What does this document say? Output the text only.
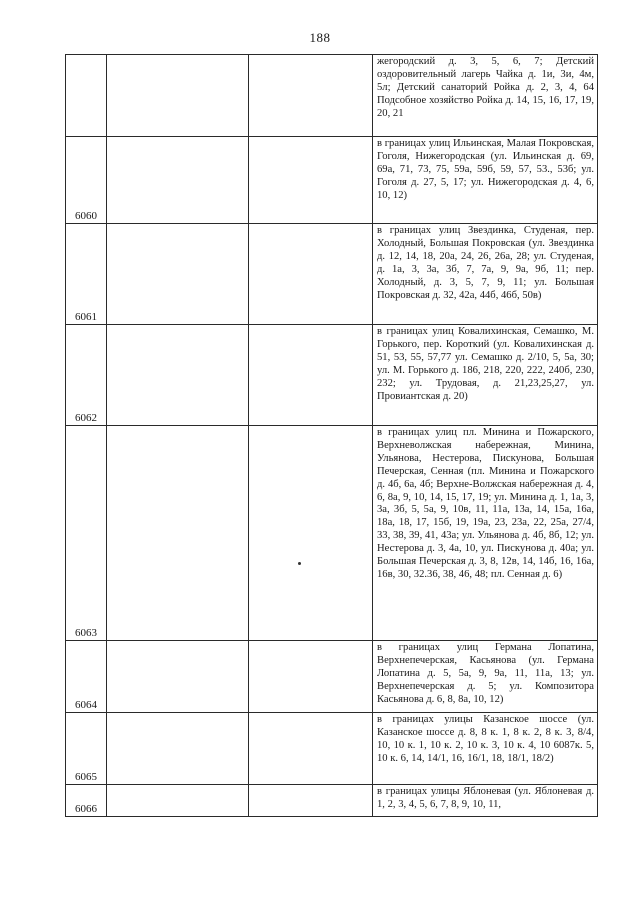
188
			жегородский д. 3, 5, 6, 7; Детский оздоровительный лагерь Чайка д. 1и, 3и, 4м, 5л; Детский санаторий Ройка д. 2, 3, 4, 64 Подсобное хозяйство Ройка д. 14, 15, 16, 17, 19, 20, 21
6060			в границах улиц Ильинская, Малая Покровская, Гоголя, Нижегородская (ул. Ильинская д. 69, 69а, 71, 73, 75, 59а, 59б, 59, 57, 53., 53б; ул. Гоголя д. 27, 5, 17; ул. Нижегородская д. 4, 6, 10, 12)
6061			в границах улиц Звездинка, Студеная, пер. Холодный, Большая Покровская (ул. Звездинка д. 12, 14, 18, 20а, 24, 26, 26а, 28; ул. Студеная, д. 1а, 3, 3а, 3б, 7, 7а, 9, 9а, 9б, 11; пер. Холодный, д. 3, 5, 7, 9, 11; ул. Большая Покровская д. 32, 42а, 44б, 46б, 50в)
6062			в границах улиц Ковалихинская, Семашко, М. Горького, пер. Короткий (ул. Ковалихинская д. 51, 53, 55, 57,77 ул. Семашко д. 2/10, 5, 5а, 30; ул. М. Горького д. 186, 218, 220, 222, 240б, 230, 232; ул. Трудовая, д. 21,23,25,27, ул. Провиантская д. 20)
6063			в границах улиц пл. Минина и Пожарского, Верхневолжская набережная, Минина, Ульянова, Нестерова, Пискунова, Большая Печерская, Сенная (пл. Минина и Пожарского д. 4б, 6а, 4б; Верхне-Волжская набережная д. 4, 6, 8а, 9, 10, 14, 15, 17, 19; ул. Минина д. 1, 1а, 3, 3а, 3б, 5, 5а, 9, 10в, 11, 11а, 13а, 14, 15а, 16а, 18а, 18, 17, 15б, 19, 19а, 23, 23а, 22, 25а, 27/4, 33, 38, 39, 41, 43а; ул. Ульянова д. 4б, 8б, 12; ул. Нестерова д. 3, 4а, 10, ул. Пискунова д. 40а; ул. Большая Печерская д. 3, 8, 12в, 14, 14б, 16, 16а, 16в, 30, 32.36, 38, 46, 48; пл. Сенная д. 6)
6064			в границах улиц Германа Лопатина, Верхнепечерская, Касьянова (ул. Германа Лопатина д. 5, 5а, 9, 9а, 11, 11а, 13; ул. Верхнепечерская д. 5; ул. Композитора Касьянова д. 6, 8, 8а, 10, 12)
6065			в границах улицы Казанское шоссе (ул. Казанское шоссе д. 8, 8 к. 1, 8 к. 2, 8 к. 3, 8/4, 10, 10 к. 1, 10 к. 2, 10 к. 3, 10 к. 4, 10 6087к. 5, 10 к. 6, 14, 14/1, 16, 16/1, 18, 18/1, 18/2)
6066			в границах улицы Яблоневая (ул. Яблоневая д. 1, 2, 3, 4, 5, 6, 7, 8, 9, 10, 11,
